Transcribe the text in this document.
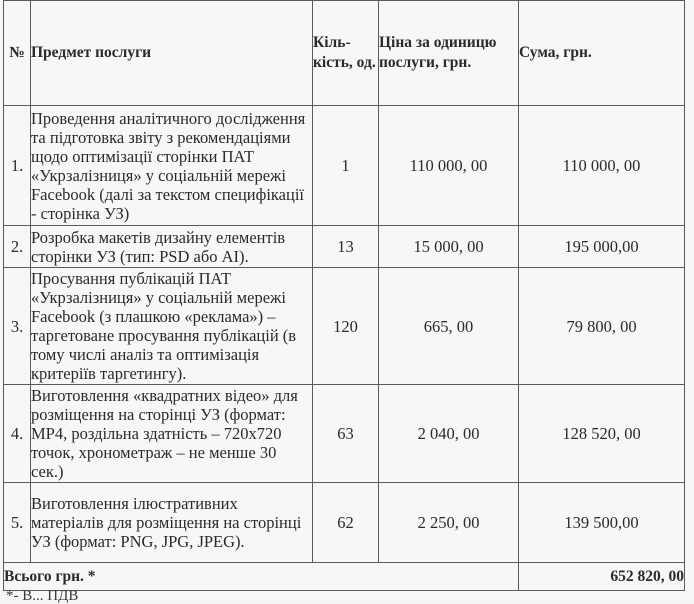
№	Предмет послуги	Кіль-кість, од.	Ціна за одиницю послуги, грн.	Сума, грн.
1.	Проведення аналітичного дослідження та підготовка звіту з рекомендаціями щодо оптимізації сторінки ПАТ «Укрзалізниця» у соціальній мережі Facebook (далі за текстом специфікації - сторінка УЗ)	1	110 000, 00	110 000, 00
2.	Розробка макетів дизайну елементів сторінки УЗ (тип: PSD або AI).	13	15 000, 00	195 000,00
3.	Просування публікацій ПАТ «Укрзалізниця» у соціальній мережі Facebook (з плашкою «реклама») – таргетоване просування публікацій (в тому числі аналіз та оптимізація критеріїв таргетингу).	120	665, 00	79 800, 00
4.	Виготовлення «квадратних відео» для розміщення на сторінці УЗ (формат: MP4, роздільна здатність – 720x720 точок, хронометраж – не менше 30 сек.)	63	2 040, 00	128 520, 00
5.	Виготовлення ілюстративних матеріалів для розміщення на сторінці УЗ (формат: PNG, JPG, JPEG).	62	2 250, 00	139 500,00
Всього грн. *				652 820, 00
*- В... ПДВ
